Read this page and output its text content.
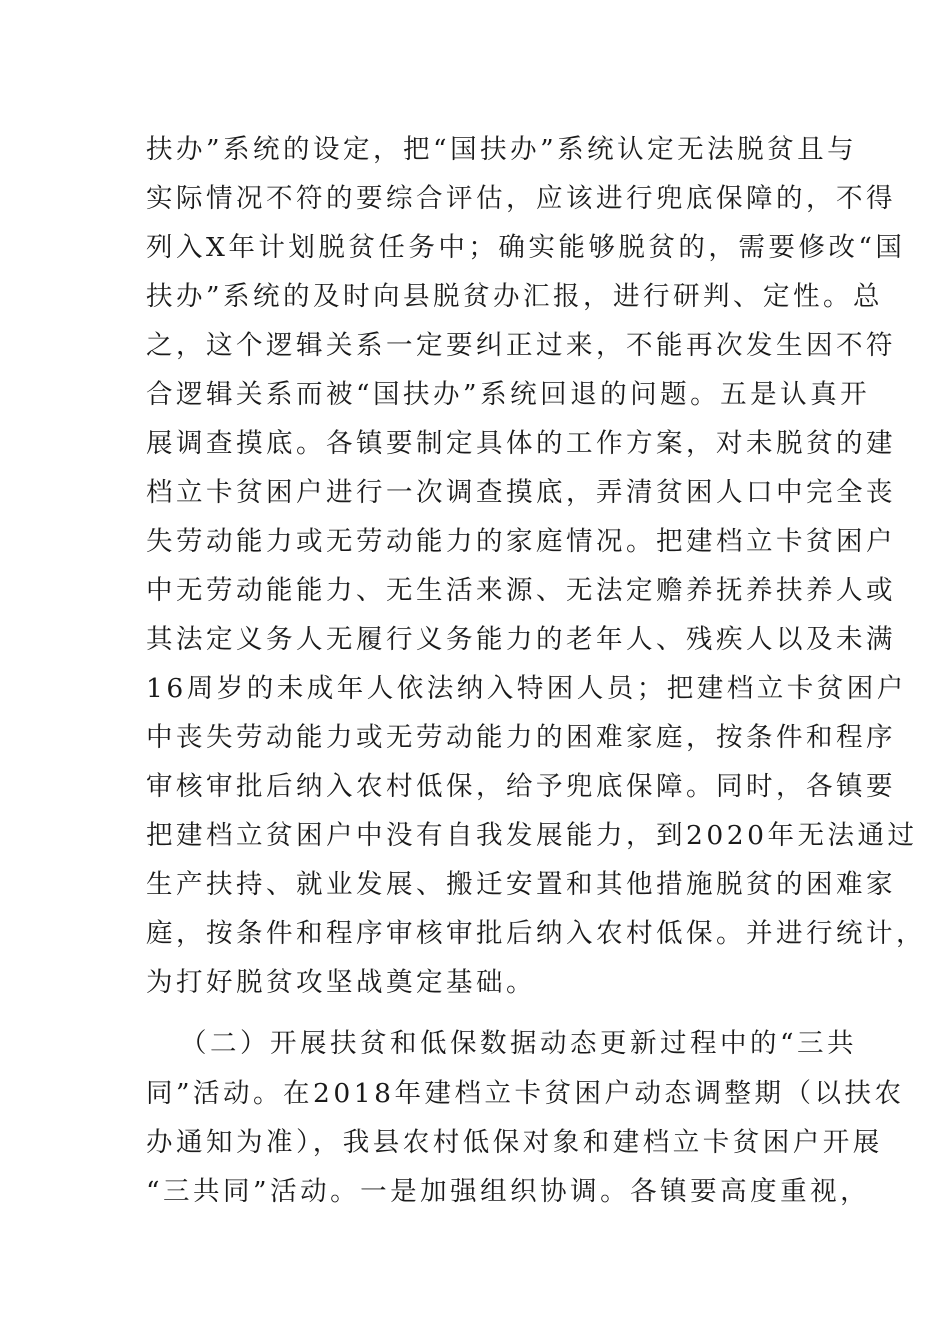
扶办”系统的设定，把“国扶办”系统认定无法脱贫且与
实际情况不符的要综合评估，应该进行兜底保障的，不得
列入X年计划脱贫任务中；确实能够脱贫的，需要修改“国
扶办”系统的及时向县脱贫办汇报，进行研判、定性。总
之，这个逻辑关系一定要纠正过来，不能再次发生因不符
合逻辑关系而被“国扶办”系统回退的问题。五是认真开
展调查摸底。各镇要制定具体的工作方案，对未脱贫的建
档立卡贫困户进行一次调查摸底，弄清贫困人口中完全丧
失劳动能力或无劳动能力的家庭情况。把建档立卡贫困户
中无劳动能能力、无生活来源、无法定赡养抚养扶养人或
其法定义务人无履行义务能力的老年人、残疾人以及未满
16周岁的未成年人依法纳入特困人员；把建档立卡贫困户
中丧失劳动能力或无劳动能力的困难家庭，按条件和程序
审核审批后纳入农村低保，给予兜底保障。同时，各镇要
把建档立贫困户中没有自我发展能力，到2020年无法通过
生产扶持、就业发展、搬迁安置和其他措施脱贫的困难家
庭，按条件和程序审核审批后纳入农村低保。并进行统计，
为打好脱贫攻坚战奠定基础。
（二）开展扶贫和低保数据动态更新过程中的“三共
同”活动。在2018年建档立卡贫困户动态调整期（以扶农
办通知为准），我县农村低保对象和建档立卡贫困户开展
“三共同”活动。一是加强组织协调。各镇要高度重视，
